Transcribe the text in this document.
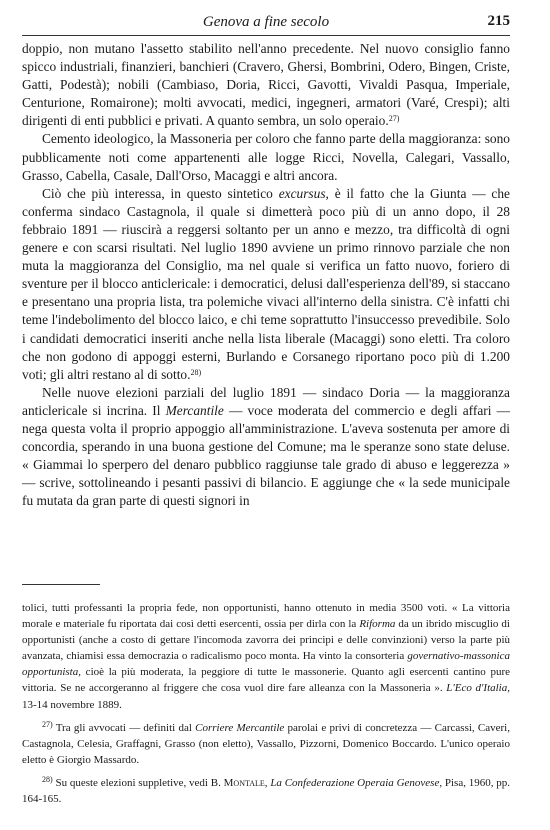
Genova a fine secolo	215

doppio, non mutano l'assetto stabilito nell'anno precedente. Nel nuovo consiglio fanno spicco industriali, finanzieri, banchieri (Cravero, Ghersi, Bombrini, Odero, Bingen, Criste, Gatti, Podestà); nobili (Cambiaso, Doria, Ricci, Gavotti, Vivaldi Pasqua, Imperiale, Centurione, Romairone); molti avvocati, medici, ingegneri, armatori (Varé, Crespi); alti dirigenti di enti pubblici e privati. A quanto sembra, un solo operaio.$^{27)}$

Cemento ideologico, la Massoneria per coloro che fanno parte della maggioranza: sono pubblicamente noti come appartenenti alle logge Ricci, Novella, Calegari, Vassallo, Grasso, Cabella, Casale, Dall'Orso, Macaggi e altri ancora.

Ciò che più interessa, in questo sintetico excursus, è il fatto che la Giunta — che conferma sindaco Castagnola, il quale si dimetterà poco più di un anno dopo, il 28 febbraio 1891 — riuscirà a reggersi soltanto per un anno e mezzo, tra difficoltà di ogni genere e con scarsi risultati. Nel luglio 1890 avviene un primo rinnovo parziale che non muta la maggioranza del Consiglio, ma nel quale si verifica un fatto nuovo, foriero di sventure per il blocco anticlericale: i democratici, delusi dall'esperienza dell'89, si staccano e presentano una propria lista, tra polemiche vivaci all'interno della sinistra. C'è infatti chi teme l'indebolimento del blocco laico, e chi teme soprattutto l'insuccesso prevedibile. Solo i candidati democratici inseriti anche nella lista liberale (Macaggi) sono eletti. Tra coloro che non godono di appoggi esterni, Burlando e Corsanego riportano poco più di 1.200 voti; gli altri restano al di sotto.$^{28)}$

Nelle nuove elezioni parziali del luglio 1891 — sindaco Doria — la maggioranza anticlericale si incrina. Il Mercantile — voce moderata del commercio e degli affari — nega questa volta il proprio appoggio all'amministrazione. L'aveva sostenuta per amore di concordia, sperando in una buona gestione del Comune; ma le speranze sono state deluse. « Giammai lo sperpero del denaro pubblico raggiunse tale grado di abuso e leggerezza » — scrive, sottolineando i pesanti passivi di bilancio. E aggiunge che « la sede municipale fu mutata da gran parte di questi signori in

tolici, tutti professanti la propria fede, non opportunisti, hanno ottenuto in media 3500 voti. « La vittoria morale e materiale fu riportata dai così detti esercenti, ossia per dirla con la Riforma da un ibrido miscuglio di opportunisti (anche a costo di gettare l'incomoda zavorra dei principi e delle convinzioni) verso la parte più avanzata, chiamisi essa democrazia o radicalismo poco monta. Ha vinto la consorteria governativo-massonica opportunista, cioè la più moderata, la peggiore di tutte le massonerie. Quanto agli esercenti cantino pure vittoria. Se ne accorgeranno al friggere che cosa vuol dire fare alleanza con la Massoneria ». L'Eco d'Italia, 13-14 novembre 1889.

$^{27)}$ Tra gli avvocati — definiti dal Corriere Mercantile parolai e privi di concretezza — Carcassi, Caveri, Castagnola, Celesia, Graffagni, Grasso (non eletto), Vassallo, Pizzorni, Domenico Boccardo. L'unico operaio eletto è Giorgio Massardo.

$^{28)}$ Su queste elezioni suppletive, vedi B. Montale, La Confederazione Operaia Genovese, Pisa, 1960, pp. 164-165.
